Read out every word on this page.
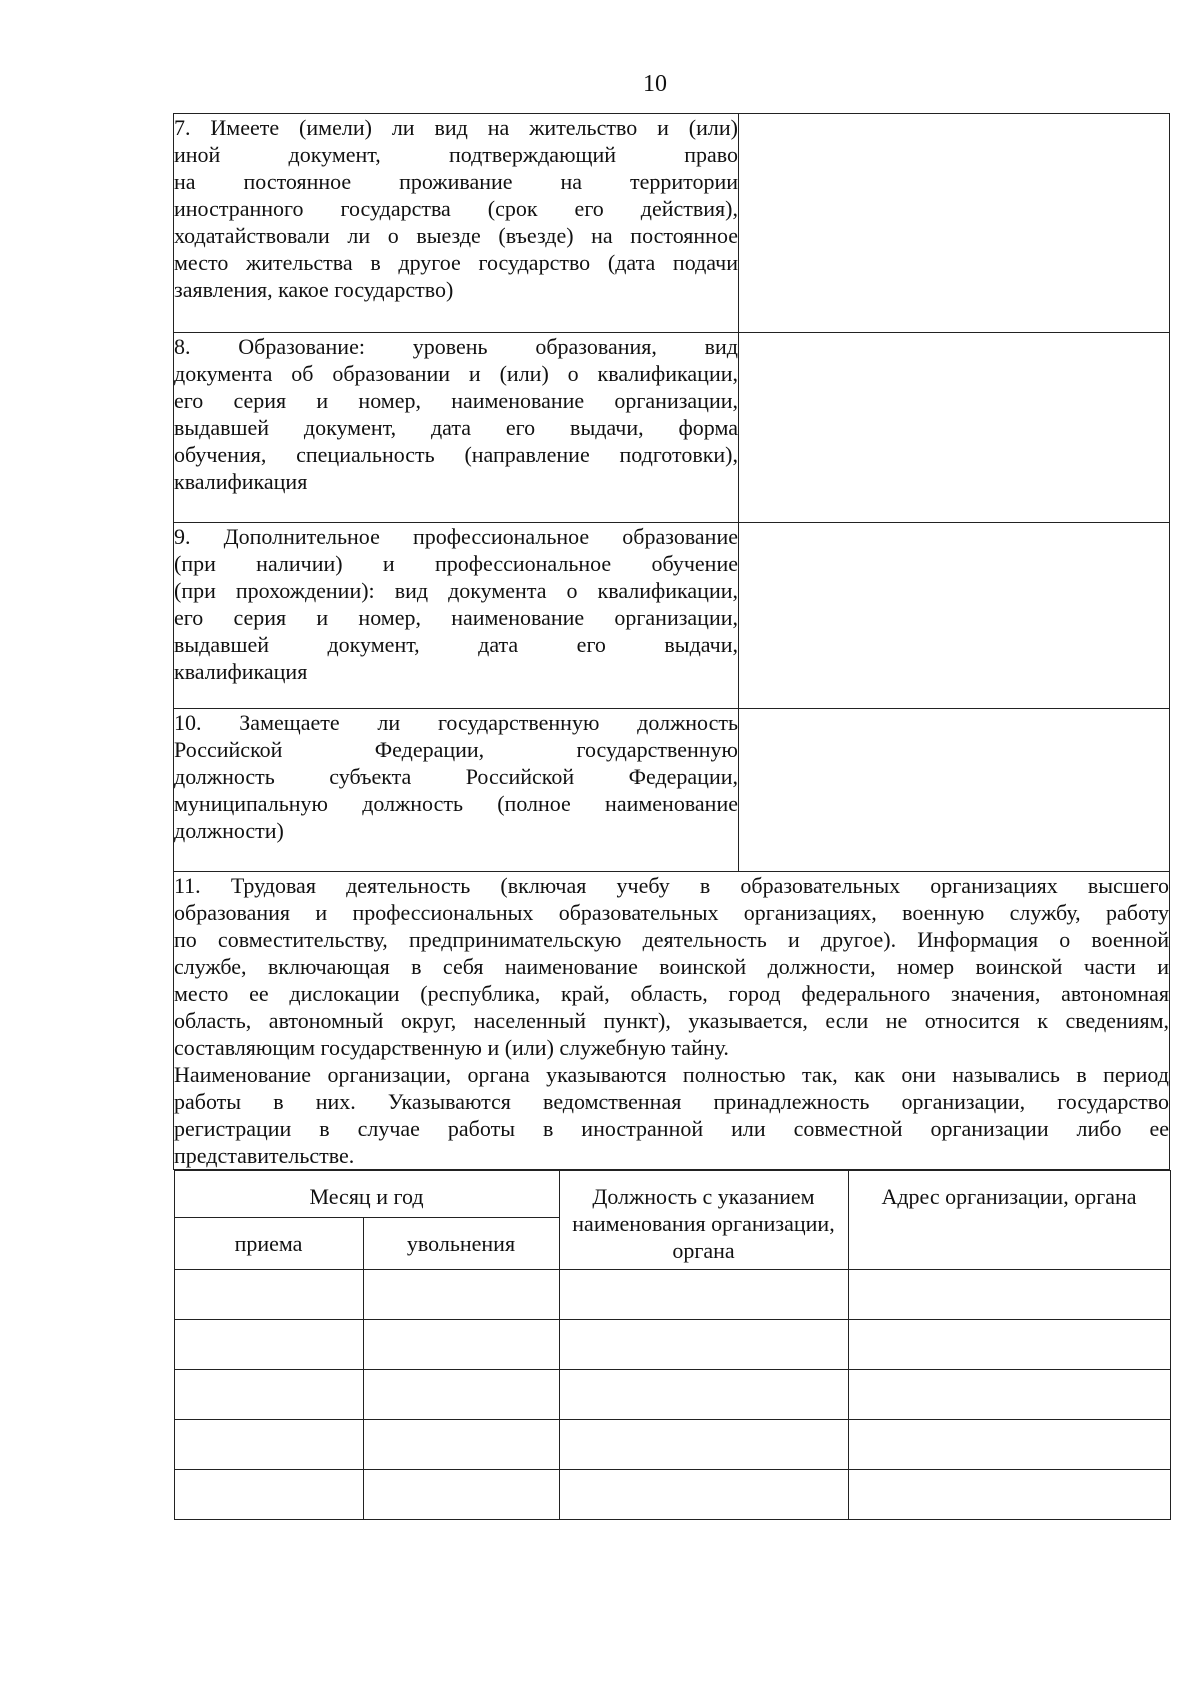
10
7. Имеете (имели) ли вид на жительство и (или)
иной документ, подтверждающий право
на постоянное проживание на территории
иностранного государства (срок его действия),
ходатайствовали ли о выезде (въезде) на постоянное
место жительства в другое государство (дата подачи
заявления, какое государство)

8. Образование: уровень образования, вид
документа об образовании и (или) о квалификации,
его серия и номер, наименование организации,
выдавшей документ, дата его выдачи, форма
обучения, специальность (направление подготовки),
квалификация

9. Дополнительное профессиональное образование
(при наличии) и профессиональное обучение
(при прохождении): вид документа о квалификации,
его серия и номер, наименование организации,
выдавшей документ, дата его выдачи,
квалификация

10. Замещаете ли государственную должность
Российской Федерации, государственную
должность субъекта Российской Федерации,
муниципальную должность (полное наименование
должности)

11. Трудовая деятельность (включая учебу в образовательных организациях высшего
образования и профессиональных образовательных организациях, военную службу, работу
по совместительству, предпринимательскую деятельность и другое). Информация о военной
службе, включающая в себя наименование воинской должности, номер воинской части и
место ее дислокации (республика, край, область, город федерального значения, автономная
область, автономный округ, населенный пункт), указывается, если не относится к сведениям,
составляющим государственную и (или) служебную тайну.
Наименование организации, органа указываются полностью так, как они назывались в период
работы в них. Указываются ведомственная принадлежность организации, государство
регистрации в случае работы в иностранной или совместной организации либо ее
представительстве.

Месяц и год	Должность с указанием наименования организации, органа	Адрес организации, органа
приема	увольнения
